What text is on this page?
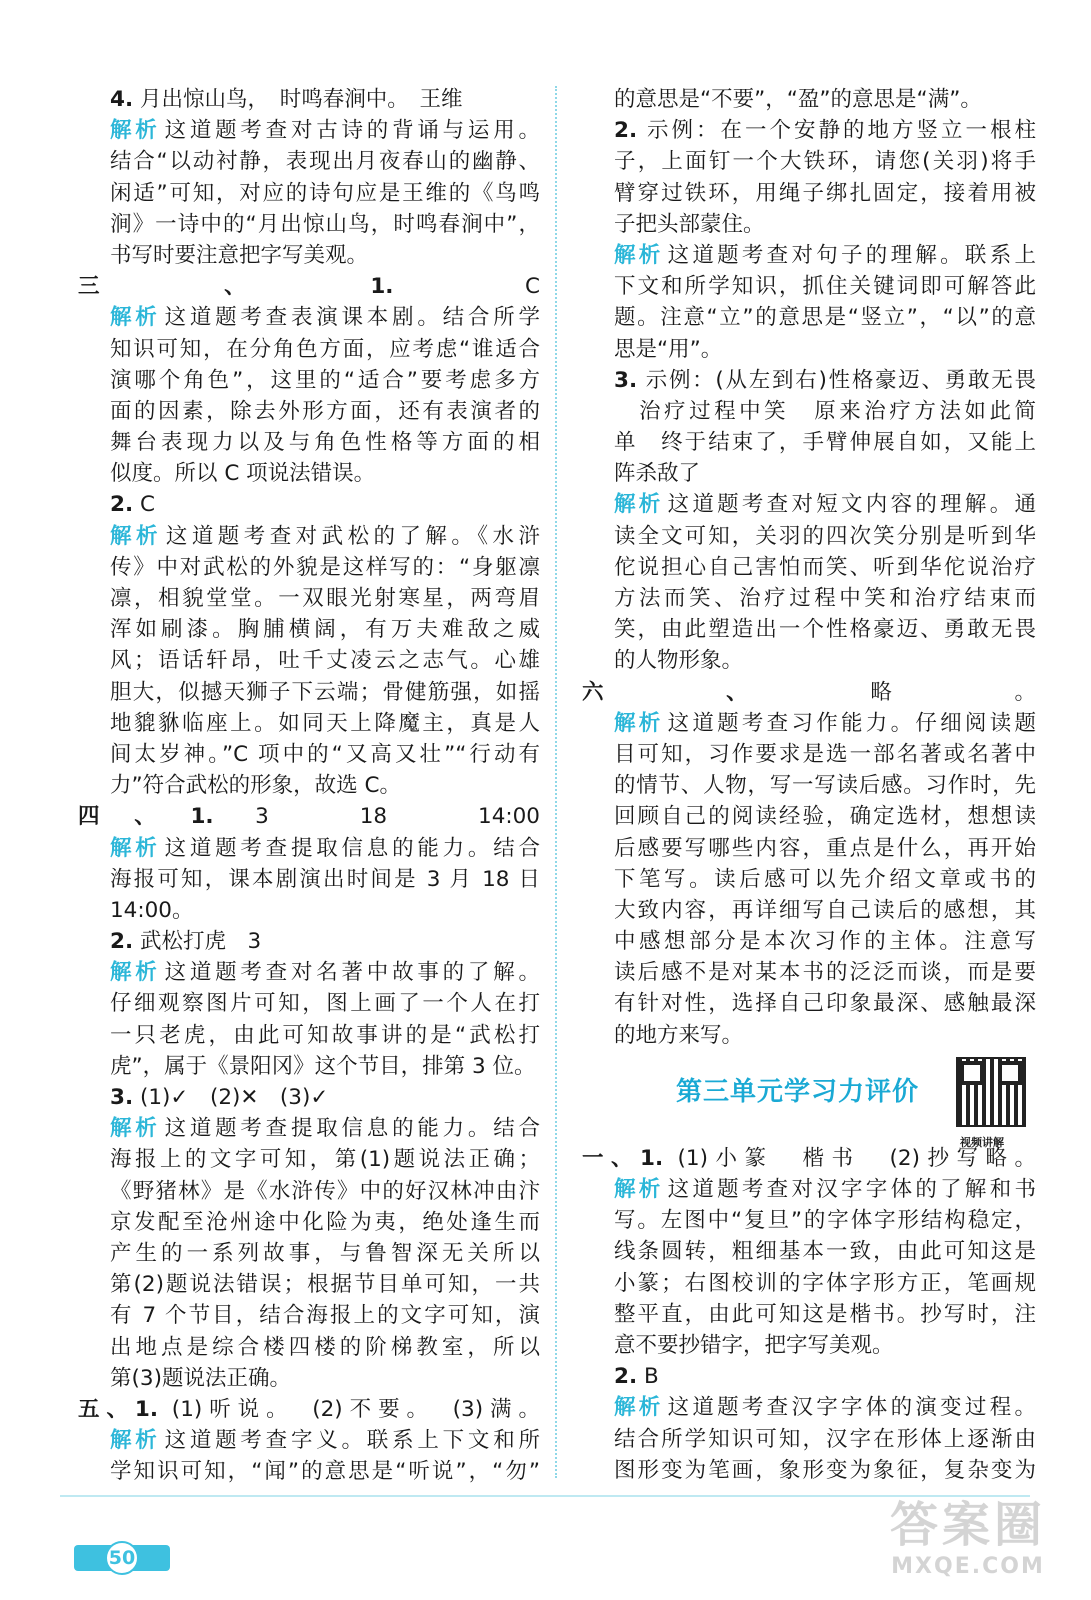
4. 月出惊山鸟，　时鸣春涧中。　王维
解析 这道题考查对古诗的背诵与运用。
结合“以动衬静，表现出月夜春山的幽静、
闲适”可知，对应的诗句应是王维的《鸟鸣
涧》一诗中的“月出惊山鸟，时鸣春涧中”，
书写时要注意把字写美观。
三、1. C
解析 这道题考查表演课本剧。结合所学
知识可知，在分角色方面，应考虑“谁适合
演哪个角色”，这里的“适合”要考虑多方
面的因素，除去外形方面，还有表演者的
舞台表现力以及与角色性格等方面的相
似度。所以 C 项说法错误。
2. C
解析 这道题考查对武松的了解。《水浒
传》中对武松的外貌是这样写的：“身躯凛
凛，相貌堂堂。一双眼光射寒星，两弯眉
浑如刷漆。胸脯横阔，有万夫难敌之威
风；语话轩昂，吐千丈凌云之志气。心雄
胆大，似撼天狮子下云端；骨健筋强，如摇
地貔貅临座上。如同天上降魔主，真是人
间太岁神。”C 项中的“又高又壮”“行动有
力”符合武松的形象，故选 C。
四、1. 3　18　14:00
解析 这道题考查提取信息的能力。结合
海报可知，课本剧演出时间是 3 月 18 日
14:00。
2. 武松打虎　3
解析 这道题考查对名著中故事的了解。
仔细观察图片可知，图上画了一个人在打
一只老虎，由此可知故事讲的是“武松打
虎”，属于《景阳冈》这个节目，排第 3 位。
3. (1)✓　(2)✕　(3)✓
解析 这道题考查提取信息的能力。结合
海报上的文字可知，第(1)题说法正确；
《野猪林》是《水浒传》中的好汉林冲由汴
京发配至沧州途中化险为夷，绝处逢生而
产生的一系列故事，与鲁智深无关所以
第(2)题说法错误；根据节目单可知，一共
有 7 个节目，结合海报上的文字可知，演
出地点是综合楼四楼的阶梯教室，所以
第(3)题说法正确。
五、1. (1)听说。　(2)不要。　(3)满。
解析 这道题考查字义。联系上下文和所
学知识可知，“闻”的意思是“听说”，“勿”
的意思是“不要”，“盈”的意思是“满”。
2. 示例：在一个安静的地方竖立一根柱
子，上面钉一个大铁环，请您(关羽)将手
臂穿过铁环，用绳子绑扎固定，接着用被
子把头部蒙住。
解析 这道题考查对句子的理解。联系上
下文和所学知识，抓住关键词即可解答此
题。注意“立”的意思是“竖立”，“以”的意
思是“用”。
3. 示例：(从左到右)性格豪迈、勇敢无畏
　治疗过程中笑　原来治疗方法如此简
单　终于结束了，手臂伸展自如，又能上
阵杀敌了
解析 这道题考查对短文内容的理解。通
读全文可知，关羽的四次笑分别是听到华
佗说担心自己害怕而笑、听到华佗说治疗
方法而笑、治疗过程中笑和治疗结束而
笑，由此塑造出一个性格豪迈、勇敢无畏
的人物形象。
六、略。
解析 这道题考查习作能力。仔细阅读题
目可知，习作要求是选一部名著或名著中
的情节、人物，写一写读后感。习作时，先
回顾自己的阅读经验，确定选材，想想读
后感要写哪些内容，重点是什么，再开始
下笔写。读后感可以先介绍文章或书的
大致内容，再详细写自己读后的感想，其
中感想部分是本次习作的主体。注意写
读后感不是对某本书的泛泛而谈，而是要
有针对性，选择自己印象最深、感触最深
的地方来写。
第三单元学习力评价
视频讲解
一、1. (1)小篆　楷书　(2)抄写略。
解析 这道题考查对汉字字体的了解和书
写。左图中“复旦”的字体字形结构稳定，
线条圆转，粗细基本一致，由此可知这是
小篆；右图校训的字体字形方正，笔画规
整平直，由此可知这是楷书。抄写时，注
意不要抄错字，把字写美观。
2. B
解析 这道题考查汉字字体的演变过程。
结合所学知识可知，汉字在形体上逐渐由
图形变为笔画，象形变为象征，复杂变为
50
答案圈
MXQE.COM
